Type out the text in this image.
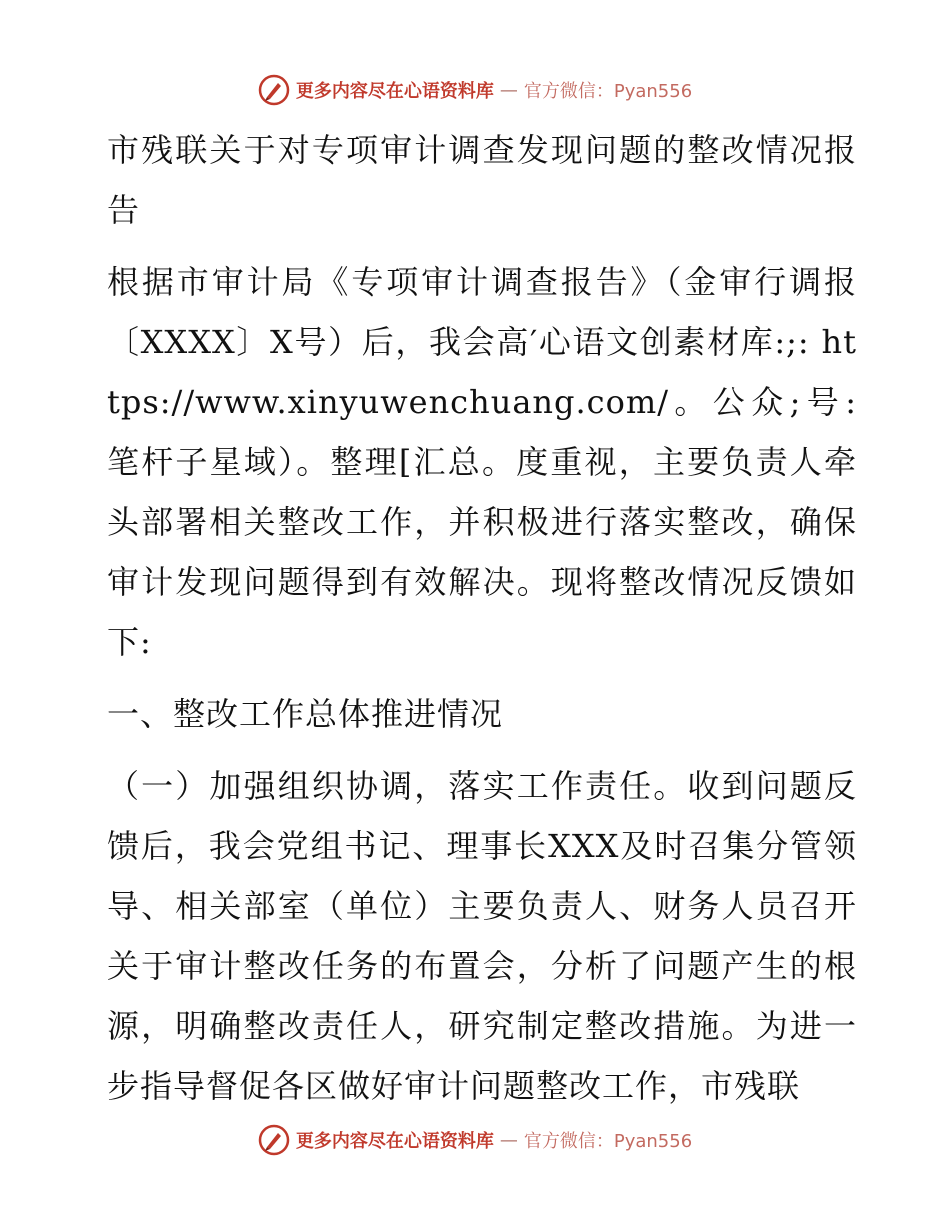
更多内容尽在心语资料库 — 官方微信：Pyan556

市残联关于对专项审计调查发现问题的整改情况报告

根据市审计局《专项审计调查报告》（金审行调报〔XXXX〕X号）后，我会高′心语文创素材库:;: https://www.xinyuwenchuang.com/。公众;号: 笔杆子星域）。整理[汇总。度重视，主要负责人牵头部署相关整改工作，并积极进行落实整改，确保审计发现问题得到有效解决。现将整改情况反馈如下:

一、整改工作总体推进情况

（一）加强组织协调，落实工作责任。收到问题反馈后，我会党组书记、理事长XXX及时召集分管领导、相关部室（单位）主要负责人、财务人员召开关于审计整改任务的布置会，分析了问题产生的根源，明确整改责任人，研究制定整改措施。为进一步指导督促各区做好审计问题整改工作，市残联

更多内容尽在心语资料库 — 官方微信：Pyan556
